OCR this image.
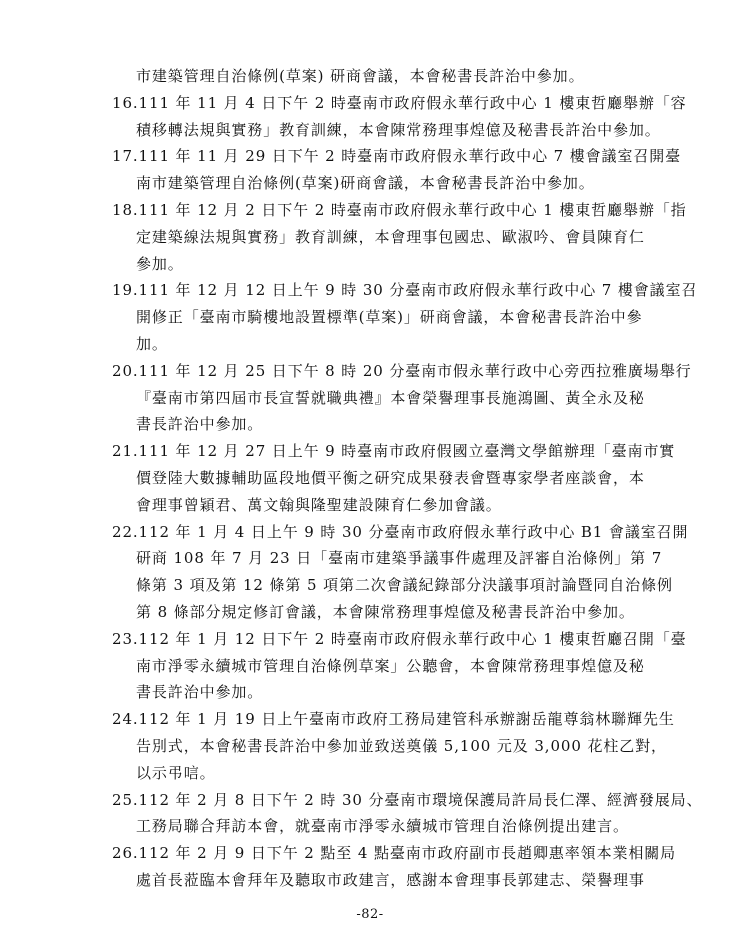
市建築管理自治條例(草案) 研商會議，本會秘書長許治中參加。
16.111 年 11 月 4 日下午 2 時臺南市政府假永華行政中心 1 樓東哲廳舉辦「容
積移轉法規與實務」教育訓練，本會陳常務理事煌億及秘書長許治中參加。
17.111 年 11 月 29 日下午 2 時臺南市政府假永華行政中心 7 樓會議室召開臺
南市建築管理自治條例(草案)研商會議，本會秘書長許治中參加。
18.111 年 12 月 2 日下午 2 時臺南市政府假永華行政中心 1 樓東哲廳舉辦「指
定建築線法規與實務」教育訓練，本會理事包國忠、歐淑吟、會員陳育仁
參加。
19.111 年 12 月 12 日上午 9 時 30 分臺南市政府假永華行政中心 7 樓會議室召
開修正「臺南市騎樓地設置標準(草案)」研商會議，本會秘書長許治中參
加。
20.111 年 12 月 25 日下午 8 時 20 分臺南市假永華行政中心旁西拉雅廣場舉行
『臺南市第四屆市長宣誓就職典禮』本會榮譽理事長施鴻圖、黃全永及秘
書長許治中參加。
21.111 年 12 月 27 日上午 9 時臺南市政府假國立臺灣文學館辦理「臺南市實
價登陸大數據輔助區段地價平衡之研究成果發表會暨專家學者座談會，本
會理事曾穎君、萬文翰與隆聖建設陳育仁參加會議。
22.112 年 1 月 4 日上午 9 時 30 分臺南市政府假永華行政中心 B1 會議室召開
研商 108 年 7 月 23 日「臺南市建築爭議事件處理及評審自治條例」第 7
條第 3 項及第 12 條第 5 項第二次會議紀錄部分決議事項討論暨同自治條例
第 8 條部分規定修訂會議，本會陳常務理事煌億及秘書長許治中參加。
23.112 年 1 月 12 日下午 2 時臺南市政府假永華行政中心 1 樓東哲廳召開「臺
南市淨零永續城市管理自治條例草案」公聽會，本會陳常務理事煌億及秘
書長許治中參加。
24.112 年 1 月 19 日上午臺南市政府工務局建管科承辦謝岳龍尊翁林聯輝先生
告別式，本會秘書長許治中參加並致送奠儀 5,100 元及 3,000 花柱乙對，
以示弔唁。
25.112 年 2 月 8 日下午 2 時 30 分臺南市環境保護局許局長仁澤、經濟發展局、
工務局聯合拜訪本會，就臺南市淨零永續城市管理自治條例提出建言。
26.112 年 2 月 9 日下午 2 點至 4 點臺南市政府副市長趙卿惠率領本業相關局
處首長蒞臨本會拜年及聽取市政建言，感謝本會理事長郭建志、榮譽理事
-82-
